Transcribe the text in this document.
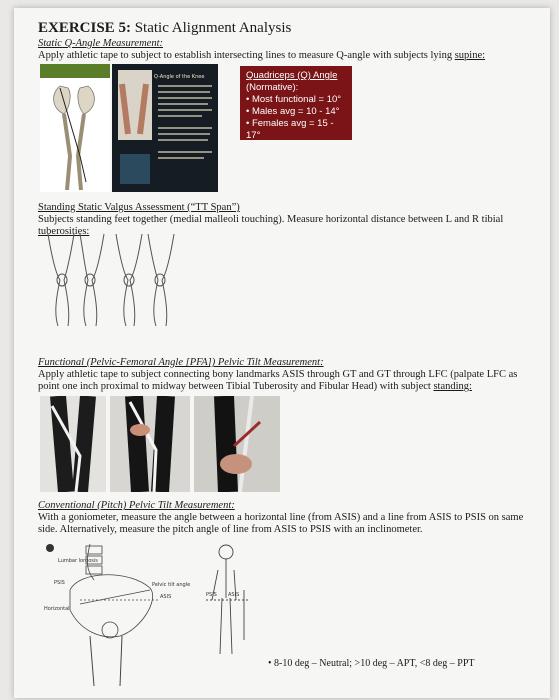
EXERCISE 5: Static Alignment Analysis
Static Q-Angle Measurement:
Apply athletic tape to subject to establish intersecting lines to measure Q-angle with subjects lying supine:
Q-Angle of the Knee	Quadriceps (Q) Angle
(Normative):
• Most functional = 10°
• Males avg = 10 - 14°
• Females avg = 15 - 17°
Standing Static Valgus Assessment (“TT Span”)
Subjects standing feet together (medial malleoli touching). Measure horizontal distance between L and R tibial tuberosities:
Functional (Pelvic-Femoral Angle [PFA]) Pelvic Tilt Measurement:
Apply athletic tape to subject connecting bony landmarks ASIS through GT and GT through LFC (palpate LFC as point one inch proximal to midway between Tibial Tuberosity and Fibular Head) with subject standing:
Conventional (Pitch) Pelvic Tilt Measurement:
With a goniometer, measure the angle between a horizontal line (from ASIS) and a line from ASIS to PSIS on same side. Alternatively, measure the pitch angle of line from ASIS to PSIS with an inclinometer.
Lumbar lordosis
PSIS
Horizontal
Pelvic tilt angle
ASIS	PSIS ASIS
• 8-10 deg – Neutral; >10 deg – APT, <8 deg – PPT
